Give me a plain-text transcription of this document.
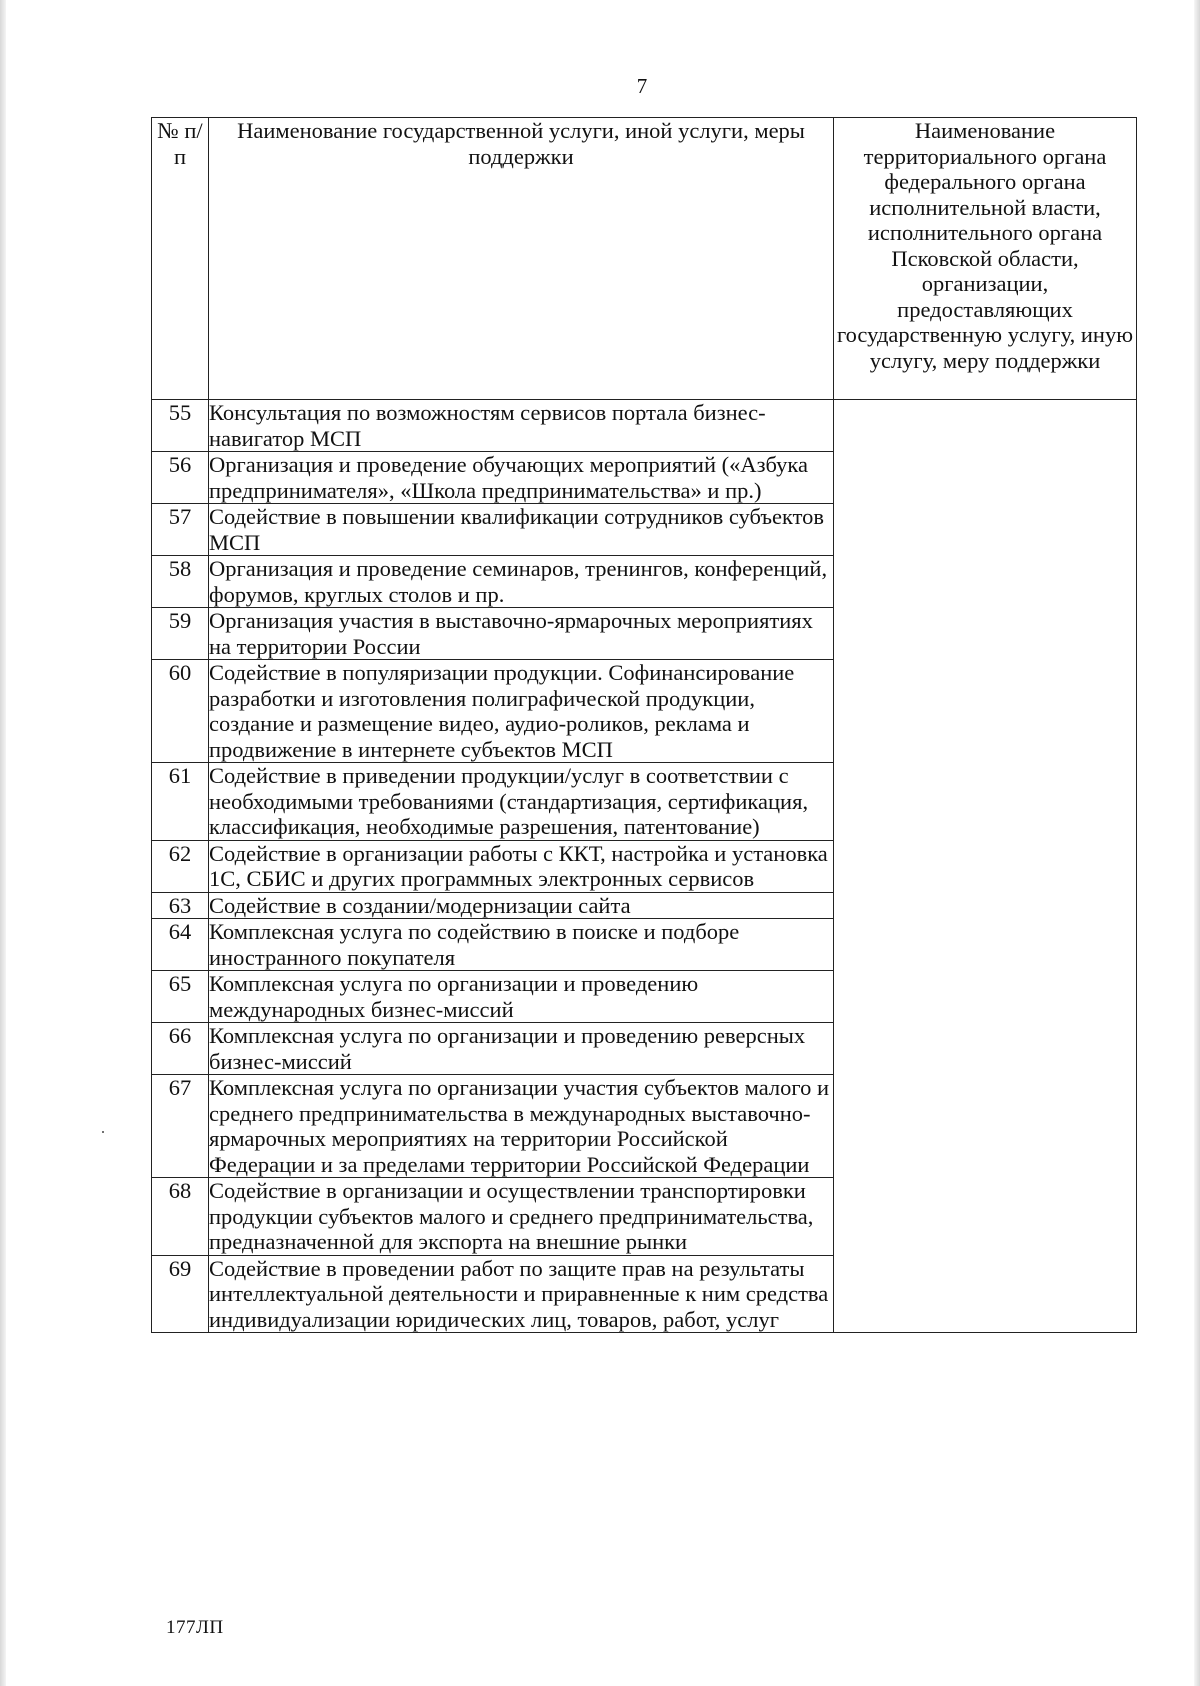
7
№ п/п	Наименование государственной услуги, иной услуги, меры поддержки	Наименование территориального органа федерального органа исполнительной власти, исполнительного органа Псковской области, организации, предоставляющих государственную услугу, иную услугу, меру поддержки
55	Консультация по возможностям сервисов портала бизнес-навигатор МСП	
56	Организация и проведение обучающих мероприятий («Азбука предпринимателя», «Школа предпринимательства» и пр.)	
57	Содействие в повышении квалификации сотрудников субъектов МСП	
58	Организация и проведение семинаров, тренингов, конференций, форумов, круглых столов и пр.	
59	Организация участия в выставочно-ярмарочных мероприятиях на территории России	
60	Содействие в популяризации продукции. Софинансирование разработки и изготовления полиграфической продукции, создание и размещение видео, аудио-роликов, реклама и продвижение в интернете субъектов МСП	
61	Содействие в приведении продукции/услуг в соответствии с необходимыми требованиями (стандартизация, сертификация, классификация, необходимые разрешения, патентование)	
62	Содействие в организации работы с ККТ, настройка и установка 1С, СБИС и других программных электронных сервисов	
63	Содействие в создании/модернизации сайта	
64	Комплексная услуга по содействию в поиске и подборе иностранного покупателя	
65	Комплексная услуга по организации и проведению международных бизнес-миссий	
66	Комплексная услуга по организации и проведению реверсных бизнес-миссий	
67	Комплексная услуга по организации участия субъектов малого и среднего предпринимательства в международных выставочно-ярмарочных мероприятиях на территории Российской Федерации и за пределами территории Российской Федерации	
68	Содействие в организации и осуществлении транспортировки продукции субъектов малого и среднего предпринимательства, предназначенной для экспорта на внешние рынки	
69	Содействие в проведении работ по защите прав на результаты интеллектуальной деятельности и приравненные к ним средства индивидуализации юридических лиц, товаров, работ, услуг	
177ЛП
